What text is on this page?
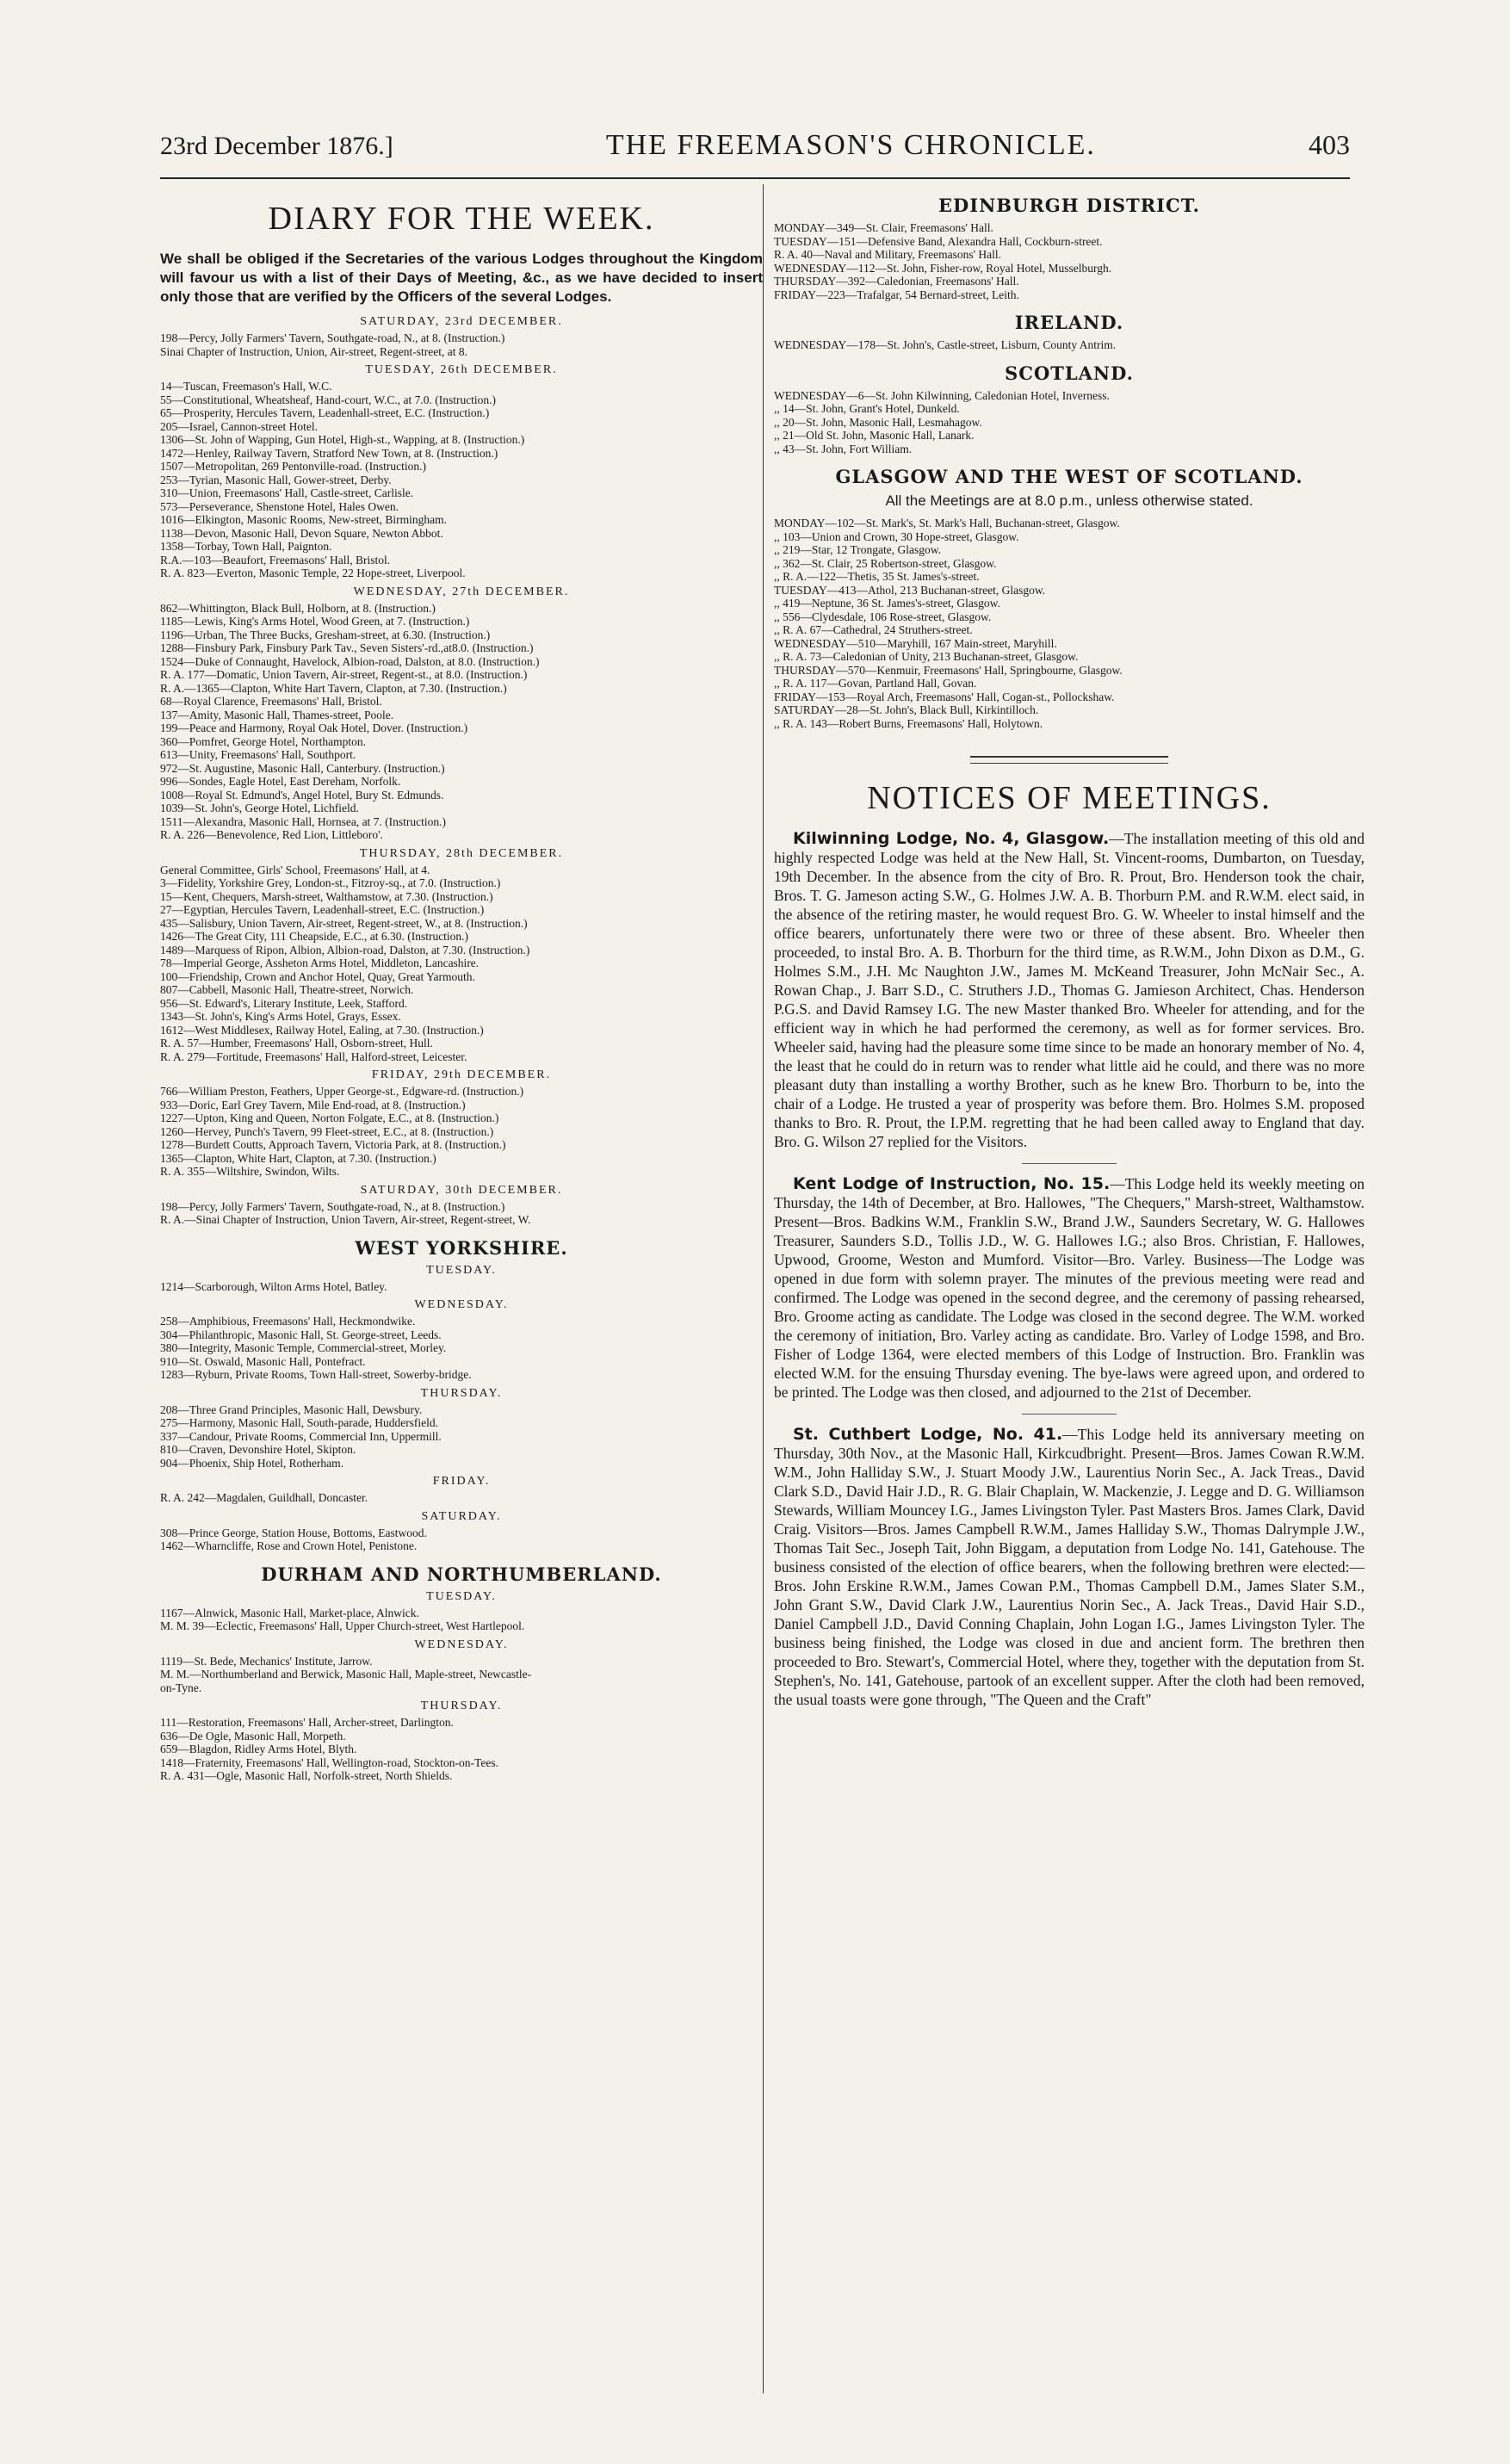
23rd December 1876.]	THE FREEMASON'S CHRONICLE.	403
DIARY FOR THE WEEK.

We shall be obliged if the Secretaries of the various Lodges throughout the Kingdom will favour us with a list of their Days of Meeting, &c., as we have decided to insert only those that are verified by the Officers of the several Lodges.

SATURDAY, 23rd DECEMBER.
198—Percy, Jolly Farmers' Tavern, Southgate-road, N., at 8. (Instruction.)
Sinai Chapter of Instruction, Union, Air-street, Regent-street, at 8.
TUESDAY, 26th DECEMBER.
14—Tuscan, Freemason's Hall, W.C.
55—Constitutional, Wheatsheaf, Hand-court, W.C., at 7.0. (Instruction.)
65—Prosperity, Hercules Tavern, Leadenhall-street, E.C. (Instruction.)
205—Israel, Cannon-street Hotel.
1306—St. John of Wapping, Gun Hotel, High-st., Wapping, at 8. (Instruction.)
1472—Henley, Railway Tavern, Stratford New Town, at 8. (Instruction.)
1507—Metropolitan, 269 Pentonville-road. (Instruction.)
253—Tyrian, Masonic Hall, Gower-street, Derby.
310—Union, Freemasons' Hall, Castle-street, Carlisle.
573—Perseverance, Shenstone Hotel, Hales Owen.
1016—Elkington, Masonic Rooms, New-street, Birmingham.
1138—Devon, Masonic Hall, Devon Square, Newton Abbot.
1358—Torbay, Town Hall, Paignton.
R.A.—103—Beaufort, Freemasons' Hall, Bristol.
R. A. 823—Everton, Masonic Temple, 22 Hope-street, Liverpool.
WEDNESDAY, 27th DECEMBER.
862—Whittington, Black Bull, Holborn, at 8. (Instruction.)
1185—Lewis, King's Arms Hotel, Wood Green, at 7. (Instruction.)
1196—Urban, The Three Bucks, Gresham-street, at 6.30. (Instruction.)
1288—Finsbury Park, Finsbury Park Tav., Seven Sisters'-rd.,at8.0. (Instruction.)
1524—Duke of Connaught, Havelock, Albion-road, Dalston, at 8.0. (Instruction.)
R. A. 177—Domatic, Union Tavern, Air-street, Regent-st., at 8.0. (Instruction.)
R. A.—1365—Clapton, White Hart Tavern, Clapton, at 7.30. (Instruction.)
68—Royal Clarence, Freemasons' Hall, Bristol.
137—Amity, Masonic Hall, Thames-street, Poole.
199—Peace and Harmony, Royal Oak Hotel, Dover. (Instruction.)
360—Pomfret, George Hotel, Northampton.
613—Unity, Freemasons' Hall, Southport.
972—St. Augustine, Masonic Hall, Canterbury. (Instruction.)
996—Sondes, Eagle Hotel, East Dereham, Norfolk.
1008—Royal St. Edmund's, Angel Hotel, Bury St. Edmunds.
1039—St. John's, George Hotel, Lichfield.
1511—Alexandra, Masonic Hall, Hornsea, at 7. (Instruction.)
R. A. 226—Benevolence, Red Lion, Littleboro'.
THURSDAY, 28th DECEMBER.
General Committee, Girls' School, Freemasons' Hall, at 4.
3—Fidelity, Yorkshire Grey, London-st., Fitzroy-sq., at 7.0. (Instruction.)
15—Kent, Chequers, Marsh-street, Walthamstow, at 7.30. (Instruction.)
27—Egyptian, Hercules Tavern, Leadenhall-street, E.C. (Instruction.)
435—Salisbury, Union Tavern, Air-street, Regent-street, W., at 8. (Instruction.)
1426—The Great City, 111 Cheapside, E.C., at 6.30. (Instruction.)
1489—Marquess of Ripon, Albion, Albion-road, Dalston, at 7.30. (Instruction.)
78—Imperial George, Assheton Arms Hotel, Middleton, Lancashire.
100—Friendship, Crown and Anchor Hotel, Quay, Great Yarmouth.
807—Cabbell, Masonic Hall, Theatre-street, Norwich.
956—St. Edward's, Literary Institute, Leek, Stafford.
1343—St. John's, King's Arms Hotel, Grays, Essex.
1612—West Middlesex, Railway Hotel, Ealing, at 7.30. (Instruction.)
R. A. 57—Humber, Freemasons' Hall, Osborn-street, Hull.
R. A. 279—Fortitude, Freemasons' Hall, Halford-street, Leicester.
FRIDAY, 29th DECEMBER.
766—William Preston, Feathers, Upper George-st., Edgware-rd. (Instruction.)
933—Doric, Earl Grey Tavern, Mile End-road, at 8. (Instruction.)
1227—Upton, King and Queen, Norton Folgate, E.C., at 8. (Instruction.)
1260—Hervey, Punch's Tavern, 99 Fleet-street, E.C., at 8. (Instruction.)
1278—Burdett Coutts, Approach Tavern, Victoria Park, at 8. (Instruction.)
1365—Clapton, White Hart, Clapton, at 7.30. (Instruction.)
R. A. 355—Wiltshire, Swindon, Wilts.
SATURDAY, 30th DECEMBER.
198—Percy, Jolly Farmers' Tavern, Southgate-road, N., at 8. (Instruction.)
R. A.—Sinai Chapter of Instruction, Union Tavern, Air-street, Regent-street, W.
WEST YORKSHIRE.
TUESDAY.
1214—Scarborough, Wilton Arms Hotel, Batley.
WEDNESDAY.
258—Amphibious, Freemasons' Hall, Heckmondwike.
304—Philanthropic, Masonic Hall, St. George-street, Leeds.
380—Integrity, Masonic Temple, Commercial-street, Morley.
910—St. Oswald, Masonic Hall, Pontefract.
1283—Ryburn, Private Rooms, Town Hall-street, Sowerby-bridge.
THURSDAY.
208—Three Grand Principles, Masonic Hall, Dewsbury.
275—Harmony, Masonic Hall, South-parade, Huddersfield.
337—Candour, Private Rooms, Commercial Inn, Uppermill.
810—Craven, Devonshire Hotel, Skipton.
904—Phoenix, Ship Hotel, Rotherham.
FRIDAY.
R. A. 242—Magdalen, Guildhall, Doncaster.
SATURDAY.
308—Prince George, Station House, Bottoms, Eastwood.
1462—Wharncliffe, Rose and Crown Hotel, Penistone.
DURHAM AND NORTHUMBERLAND.
TUESDAY.
1167—Alnwick, Masonic Hall, Market-place, Alnwick.
M. M. 39—Eclectic, Freemasons' Hall, Upper Church-street, West Hartlepool.
WEDNESDAY.
1119—St. Bede, Mechanics' Institute, Jarrow.
M. M.—Northumberland and Berwick, Masonic Hall, Maple-street, Newcastle-
on-Tyne.
THURSDAY.
111—Restoration, Freemasons' Hall, Archer-street, Darlington.
636—De Ogle, Masonic Hall, Morpeth.
659—Blagdon, Ridley Arms Hotel, Blyth.
1418—Fraternity, Freemasons' Hall, Wellington-road, Stockton-on-Tees.
R. A. 431—Ogle, Masonic Hall, Norfolk-street, North Shields.
EDINBURGH DISTRICT.
MONDAY—349—St. Clair, Freemasons' Hall.
TUESDAY—151—Defensive Band, Alexandra Hall, Cockburn-street.
R. A. 40—Naval and Military, Freemasons' Hall.
WEDNESDAY—112—St. John, Fisher-row, Royal Hotel, Musselburgh.
THURSDAY—392—Caledonian, Freemasons' Hall.
FRIDAY—223—Trafalgar, 54 Bernard-street, Leith.
IRELAND.
WEDNESDAY—178—St. John's, Castle-street, Lisburn, County Antrim.
SCOTLAND.
WEDNESDAY—6—St. John Kilwinning, Caledonian Hotel, Inverness.
,, 14—St. John, Grant's Hotel, Dunkeld.
,, 20—St. John, Masonic Hall, Lesmahagow.
,, 21—Old St. John, Masonic Hall, Lanark.
,, 43—St. John, Fort William.
GLASGOW AND THE WEST OF SCOTLAND.

All the Meetings are at 8.0 p.m., unless otherwise stated.

MONDAY—102—St. Mark's, St. Mark's Hall, Buchanan-street, Glasgow.
,, 103—Union and Crown, 30 Hope-street, Glasgow.
,, 219—Star, 12 Trongate, Glasgow.
,, 362—St. Clair, 25 Robertson-street, Glasgow.
,, R. A.—122—Thetis, 35 St. James's-street.
TUESDAY—413—Athol, 213 Buchanan-street, Glasgow.
,, 419—Neptune, 36 St. James's-street, Glasgow.
,, 556—Clydesdale, 106 Rose-street, Glasgow.
,, R. A. 67—Cathedral, 24 Struthers-street.
WEDNESDAY—510—Maryhill, 167 Main-street, Maryhill.
,, R. A. 73—Caledonian of Unity, 213 Buchanan-street, Glasgow.
THURSDAY—570—Kenmuir, Freemasons' Hall, Springbourne, Glasgow.
,, R. A. 117—Govan, Partland Hall, Govan.
FRIDAY—153—Royal Arch, Freemasons' Hall, Cogan-st., Pollockshaw.
SATURDAY—28—St. John's, Black Bull, Kirkintilloch.
,, R. A. 143—Robert Burns, Freemasons' Hall, Holytown.
NOTICES OF MEETINGS.

Kilwinning Lodge, No. 4, Glasgow.—The installation meeting of this old and highly respected Lodge was held at the New Hall, St. Vincent-rooms, Dumbarton, on Tuesday, 19th December. In the absence from the city of Bro. R. Prout, Bro. Henderson took the chair, Bros. T. G. Jameson acting S.W., G. Holmes J.W. A. B. Thorburn P.M. and R.W.M. elect said, in the absence of the retiring master, he would request Bro. G. W. Wheeler to instal himself and the office bearers, unfortunately there were two or three of these absent. Bro. Wheeler then proceeded, to instal Bro. A. B. Thorburn for the third time, as R.W.M., John Dixon as D.M., G. Holmes S.M., J.H. Mc Naughton J.W., James M. McKeand Treasurer, John McNair Sec., A. Rowan Chap., J. Barr S.D., C. Struthers J.D., Thomas G. Jamieson Architect, Chas. Henderson P.G.S. and David Ramsey I.G. The new Master thanked Bro. Wheeler for attending, and for the efficient way in which he had performed the ceremony, as well as for former services. Bro. Wheeler said, having had the pleasure some time since to be made an honorary member of No. 4, the least that he could do in return was to render what little aid he could, and there was no more pleasant duty than installing a worthy Brother, such as he knew Bro. Thorburn to be, into the chair of a Lodge. He trusted a year of prosperity was before them. Bro. Holmes S.M. proposed thanks to Bro. R. Prout, the I.P.M. regretting that he had been called away to England that day. Bro. G. Wilson 27 replied for the Visitors.

Kent Lodge of Instruction, No. 15.—This Lodge held its weekly meeting on Thursday, the 14th of December, at Bro. Hallowes, "The Chequers," Marsh-street, Walthamstow. Present—Bros. Badkins W.M., Franklin S.W., Brand J.W., Saunders Secretary, W. G. Hallowes Treasurer, Saunders S.D., Tollis J.D., W. G. Hallowes I.G.; also Bros. Christian, F. Hallowes, Upwood, Groome, Weston and Mumford. Visitor—Bro. Varley. Business—The Lodge was opened in due form with solemn prayer. The minutes of the previous meeting were read and confirmed. The Lodge was opened in the second degree, and the ceremony of passing rehearsed, Bro. Groome acting as candidate. The Lodge was closed in the second degree. The W.M. worked the ceremony of initiation, Bro. Varley acting as candidate. Bro. Varley of Lodge 1598, and Bro. Fisher of Lodge 1364, were elected members of this Lodge of Instruction. Bro. Franklin was elected W.M. for the ensuing Thursday evening. The bye-laws were agreed upon, and ordered to be printed. The Lodge was then closed, and adjourned to the 21st of December.

St. Cuthbert Lodge, No. 41.—This Lodge held its anniversary meeting on Thursday, 30th Nov., at the Masonic Hall, Kirkcudbright. Present—Bros. James Cowan R.W.M. W.M., John Halliday S.W., J. Stuart Moody J.W., Laurentius Norin Sec., A. Jack Treas., David Clark S.D., David Hair J.D., R. G. Blair Chaplain, W. Mackenzie, J. Legge and D. G. Williamson Stewards, William Mouncey I.G., James Livingston Tyler. Past Masters Bros. James Clark, David Craig. Visitors—Bros. James Campbell R.W.M., James Halliday S.W., Thomas Dalrymple J.W., Thomas Tait Sec., Joseph Tait, John Biggam, a deputation from Lodge No. 141, Gatehouse. The business consisted of the election of office bearers, when the following brethren were elected:— Bros. John Erskine R.W.M., James Cowan P.M., Thomas Campbell D.M., James Slater S.M., John Grant S.W., David Clark J.W., Laurentius Norin Sec., A. Jack Treas., David Hair S.D., Daniel Campbell J.D., David Conning Chaplain, John Logan I.G., James Livingston Tyler. The business being finished, the Lodge was closed in due and ancient form. The brethren then proceeded to Bro. Stewart's, Commercial Hotel, where they, together with the deputation from St. Stephen's, No. 141, Gatehouse, partook of an excellent supper. After the cloth had been removed, the usual toasts were gone through, "The Queen and the Craft"
